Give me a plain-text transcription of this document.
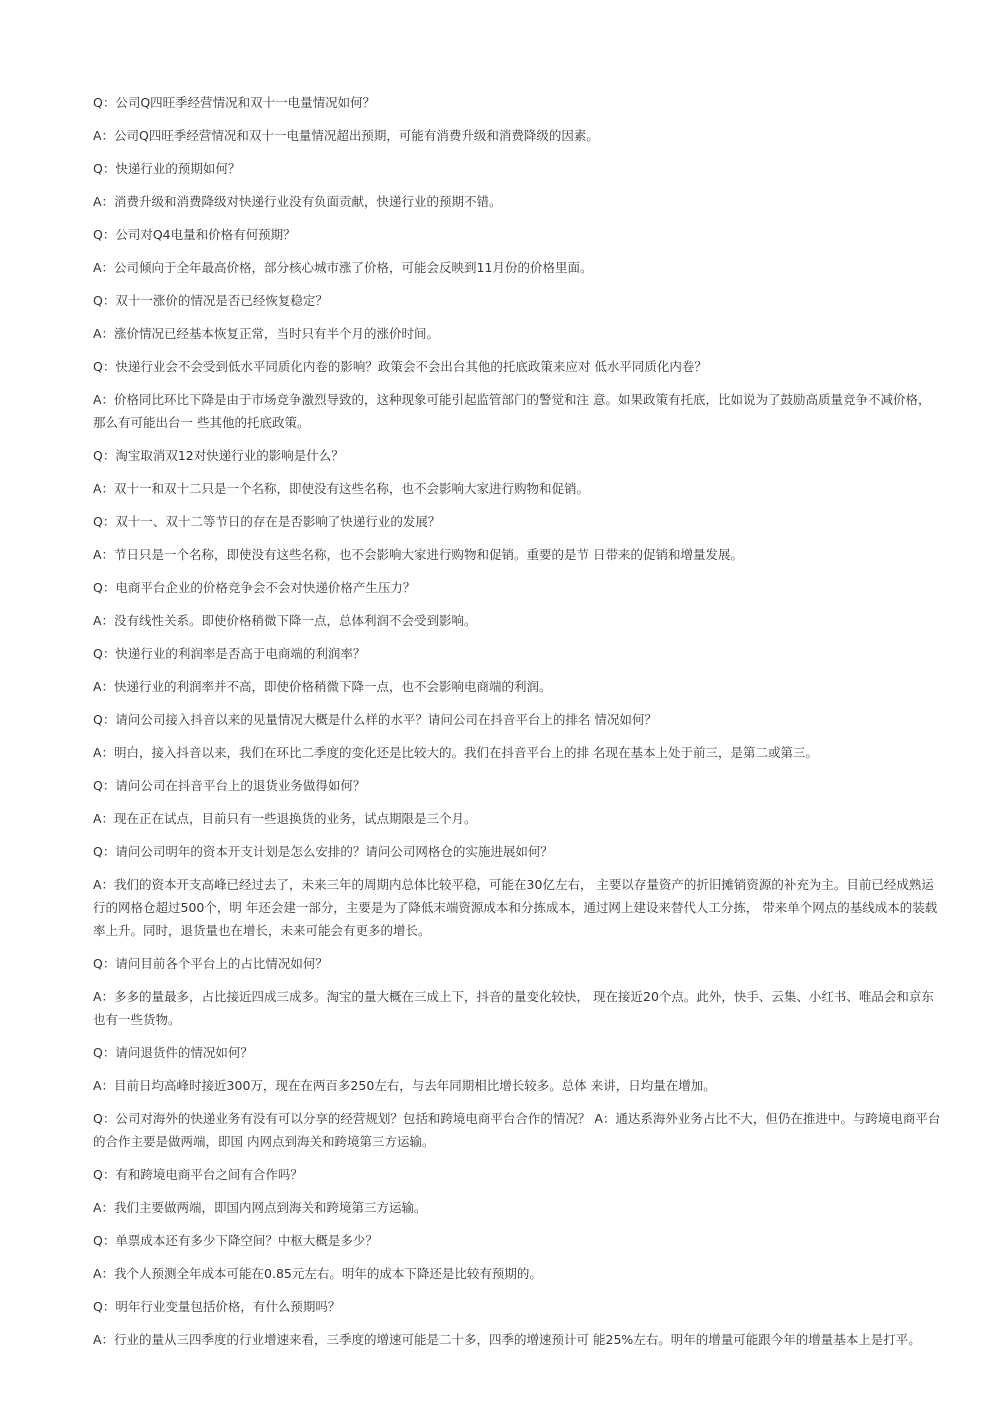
Q：公司Q四旺季经营情况和双十一电量情况如何？

A：公司Q四旺季经营情况和双十一电量情况超出预期，可能有消费升级和消费降级的因素。

Q：快递行业的预期如何？

A：消费升级和消费降级对快递行业没有负面贡献，快递行业的预期不错。

Q：公司对Q4电量和价格有何预期？

A：公司倾向于全年最高价格，部分核心城市涨了价格，可能会反映到11月份的价格里面。

Q：双十一涨价的情况是否已经恢复稳定？

A：涨价情况已经基本恢复正常，当时只有半个月的涨价时间。

Q：快递行业会不会受到低水平同质化内卷的影响？政策会不会出台其他的托底政策来应对 低水平同质化内卷？

A：价格同比环比下降是由于市场竞争激烈导致的，这种现象可能引起监管部门的警觉和注 意。如果政策有托底，比如说为了鼓励高质量竞争不减价格，那么有可能出台一 些其他的托底政策。

Q：淘宝取消双12对快递行业的影响是什么？

A：双十一和双十二只是一个名称，即使没有这些名称，也不会影响大家进行购物和促销。

Q：双十一、双十二等节日的存在是否影响了快递行业的发展？

A：节日只是一个名称，即使没有这些名称，也不会影响大家进行购物和促销。重要的是节 日带来的促销和增量发展。

Q：电商平台企业的价格竞争会不会对快递价格产生压力？

A：没有线性关系。即使价格稍微下降一点，总体利润不会受到影响。

Q：快递行业的利润率是否高于电商端的利润率？

A：快递行业的利润率并不高，即使价格稍微下降一点，也不会影响电商端的利润。

Q：请问公司接入抖音以来的见量情况大概是什么样的水平？请问公司在抖音平台上的排名 情况如何？

A：明白，接入抖音以来，我们在环比二季度的变化还是比较大的。我们在抖音平台上的排 名现在基本上处于前三，是第二或第三。

Q：请问公司在抖音平台上的退货业务做得如何？

A：现在正在试点，目前只有一些退换货的业务，试点期限是三个月。

Q：请问公司明年的资本开支计划是怎么安排的？请问公司网格仓的实施进展如何？

A：我们的资本开支高峰已经过去了，未来三年的周期内总体比较平稳，可能在30亿左右， 主要以存量资产的折旧摊销资源的补充为主。目前已经成熟运行的网格仓超过500个，明 年还会建一部分，主要是为了降低末端资源成本和分拣成本，通过网上建设来替代人工分拣， 带来单个网点的基线成本的装载率上升。同时，退货量也在增长，未来可能会有更多的增长。

Q：请问目前各个平台上的占比情况如何？

A：多多的量最多，占比接近四成三成多。淘宝的量大概在三成上下，抖音的量变化较快， 现在接近20个点。此外，快手、云集、小红书、唯品会和京东也有一些货物。

Q：请问退货件的情况如何？

A：目前日均高峰时接近300万，现在在两百多250左右，与去年同期相比增长较多。总体 来讲，日均量在增加。

Q：公司对海外的快递业务有没有可以分享的经营规划？包括和跨境电商平台合作的情况？ A：通达系海外业务占比不大，但仍在推进中。与跨境电商平台的合作主要是做两端，即国 内网点到海关和跨境第三方运输。

Q：有和跨境电商平台之间有合作吗？

A：我们主要做两端，即国内网点到海关和跨境第三方运输。

Q：单票成本还有多少下降空间？中枢大概是多少？

A：我个人预测全年成本可能在0.85元左右。明年的成本下降还是比较有预期的。

Q：明年行业变量包括价格，有什么预期吗？

A：行业的量从三四季度的行业增速来看，三季度的增速可能是二十多，四季的增速预计可 能25%左右。明年的增量可能跟今年的增量基本上是打平。
